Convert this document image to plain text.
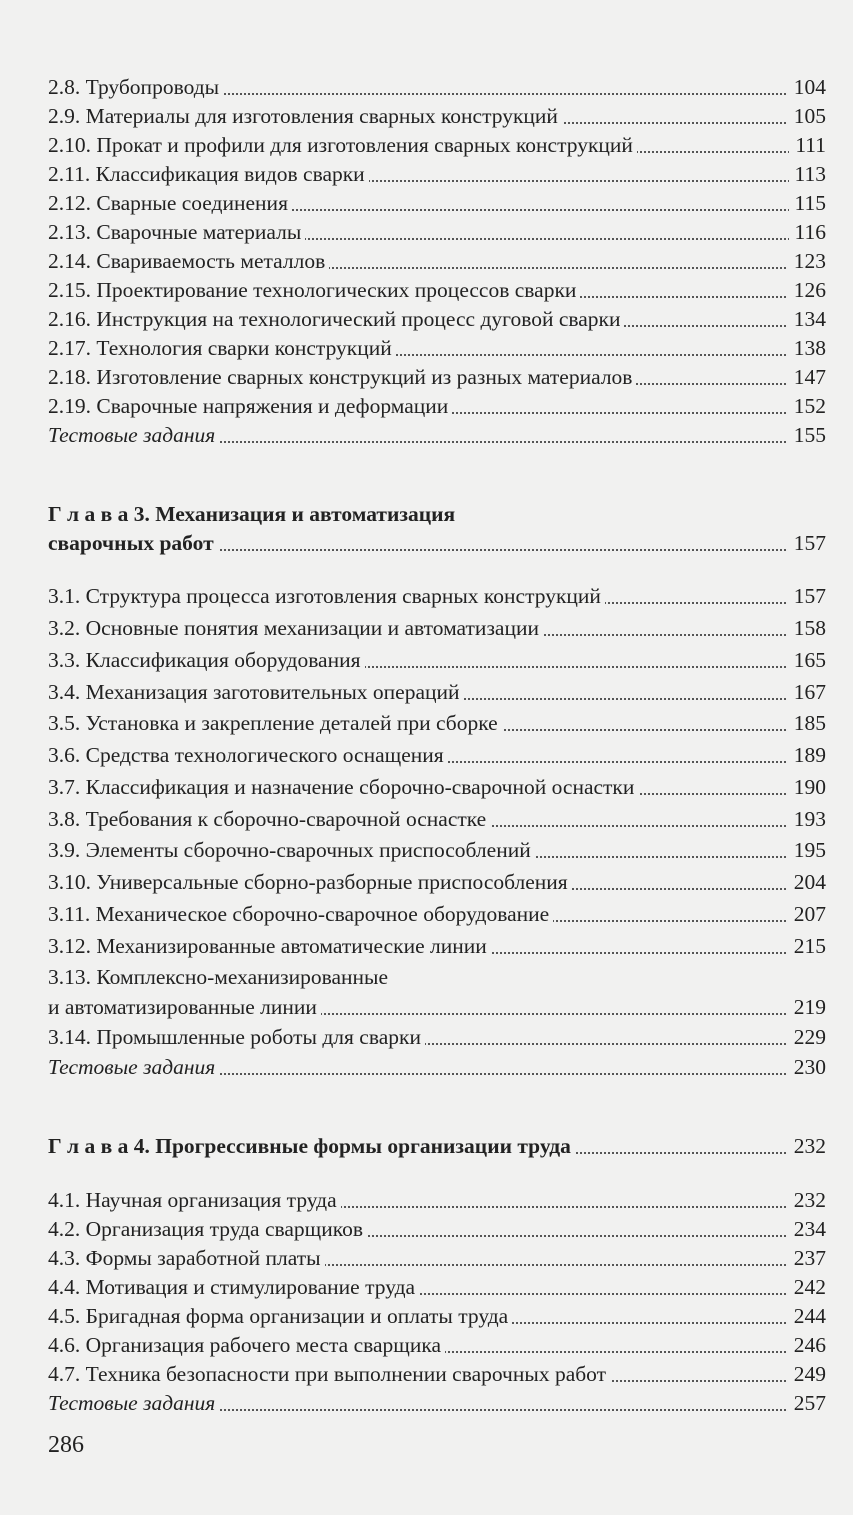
2.8. Трубопроводы	104
2.9. Материалы для изготовления сварных конструкций	105
2.10. Прокат и профили для изготовления сварных конструкций	111
2.11. Классификация видов сварки	113
2.12. Сварные соединения	115
2.13. Сварочные материалы	116
2.14. Свариваемость металлов	123
2.15. Проектирование технологических процессов сварки	126
2.16. Инструкция на технологический процесс дуговой сварки	134
2.17. Технология сварки конструкций	138
2.18. Изготовление сварных конструкций из разных материалов	147
2.19. Сварочные напряжения и деформации	152
Тестовые задания	155
Г л а в а 3. Механизация и автоматизация
сварочных работ	157
3.1. Структура процесса изготовления сварных конструкций	157
3.2. Основные понятия механизации и автоматизации	158
3.3. Классификация оборудования	165
3.4. Механизация заготовительных операций	167
3.5. Установка и закрепление деталей при сборке	185
3.6. Средства технологического оснащения	189
3.7. Классификация и назначение сборочно-сварочной оснастки	190
3.8. Требования к сборочно-сварочной оснастке	193
3.9. Элементы сборочно-сварочных приспособлений	195
3.10. Универсальные сборно-разборные приспособления	204
3.11. Механическое сборочно-сварочное оборудование	207
3.12. Механизированные автоматические линии	215
3.13. Комплексно-механизированные
и автоматизированные линии	219
3.14. Промышленные роботы для сварки	229
Тестовые задания	230
Г л а в а 4. Прогрессивные формы организации труда	232
4.1. Научная организация труда	232
4.2. Организация труда сварщиков	234
4.3. Формы заработной платы	237
4.4. Мотивация и стимулирование труда	242
4.5. Бригадная форма организации и оплаты труда	244
4.6. Организация рабочего места сварщика	246
4.7. Техника безопасности при выполнении сварочных работ	249
Тестовые задания	257
286
